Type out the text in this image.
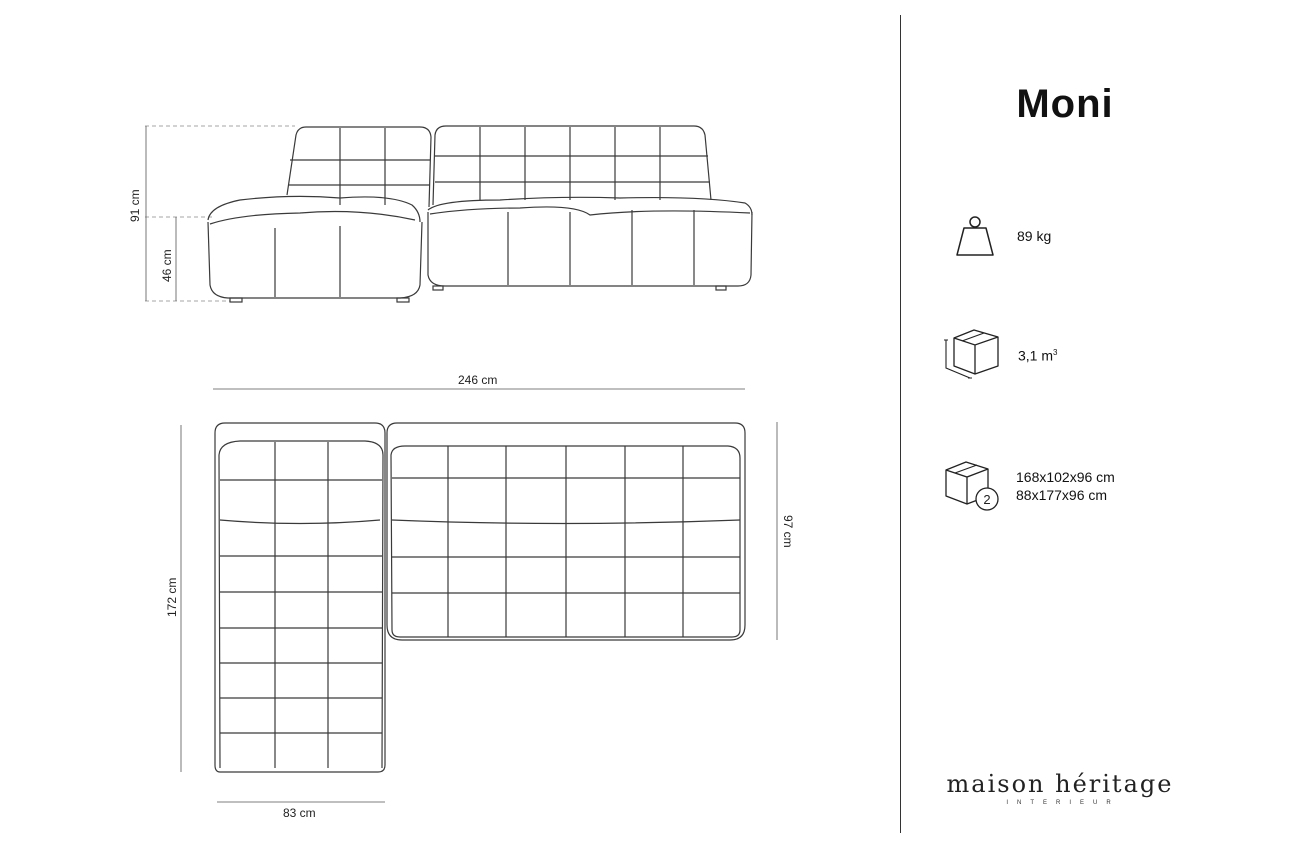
91 cm
46 cm
246 cm
97 cm
172 cm
83 cm
Moni
89 kg
3,1 $m^3$
2
168x102x96 cm
88x177x96 cm
maison héritage
INTERIEUR
